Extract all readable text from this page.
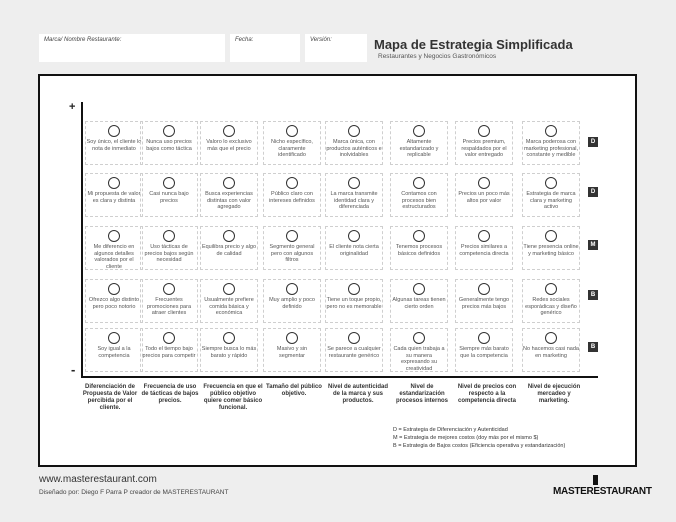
Marca/ Nombre Restaurante:	Fecha:	Versión:	Mapa de Estrategia Simplificada
Restaurantes y Negocios Gastronómicos
+
-
D = Estrategia de Diferenciación y Autenticidad
M = Estrategia de mejores costos (doy más por el mismo $)
B = Estrategia de Bajos costos (Eficiencia operativa y estandarización)
www.masterestaurant.com
Diseñado por: Diego F Parra P creador de MASTERESTAURANT	MASTERESTAURANT
Soy único, el cliente lo nota de inmediato
Nunca uso precios bajos como táctica
Valoro lo exclusivo más que el precio
Nicho específico, claramente identificado
Marca única, con productos auténticos e inolvidables
Altamente estandarizado y replicable
Precios premium, respaldados por el valor entregado
Marca poderosa con marketing profesional, constante y medible
D
Mi propuesta de valor es clara y distinta
Casi nunca bajo precios
Busca experiencias distintas con valor agregado
Público claro con intereses definidos
La marca transmite identidad clara y diferenciada
Contamos con procesos bien estructurados
Precios un poco más altos por valor
Estrategia de marca clara y marketing activo
D
Me diferencio en algunos detalles valorados por el cliente
Uso tácticas de precios bajos según necesidad
Equilibra precio y algo de calidad
Segmento general pero con algunos filtros
El cliente nota cierta originalidad
Tenemos procesos básicos definidos
Precios similares a competencia directa
Tiene presencia online y marketing básico
M
Ofrezco algo distinto pero poco notorio
Frecuentes promociones para atraer clientes
Usualmente prefiere comida básica y económica
Muy amplio y poco definido
Tiene un toque propio, pero no es memorable
Algunas tareas tienen cierto orden
Generalmente tengo precios más bajos
Redes sociales esporádicas y diseño genérico
B
Soy igual a la competencia
Todo el tiempo bajo precios para competir
Siempre busca lo más barato y rápido
Masivo y sin segmentar
Se parece a cualquier restaurante genérico
Cada quien trabaja a su manera expresando su creatividad
Siempre más barato que la competencia
No hacemos casi nada en marketing
B
Diferenciación de Propuesta de Valor percibida por el cliente.
Frecuencia de uso de tácticas de bajos precios.
Frecuencia en que el público objetivo quiere comer básico funcional.
Tamaño del público objetivo.
Nivel de autenticidad de la marca y sus productos.
Nivel de estandarización procesos internos
Nivel de precios con respecto a la competencia directa
Nivel de ejecución mercadeo y marketing.
